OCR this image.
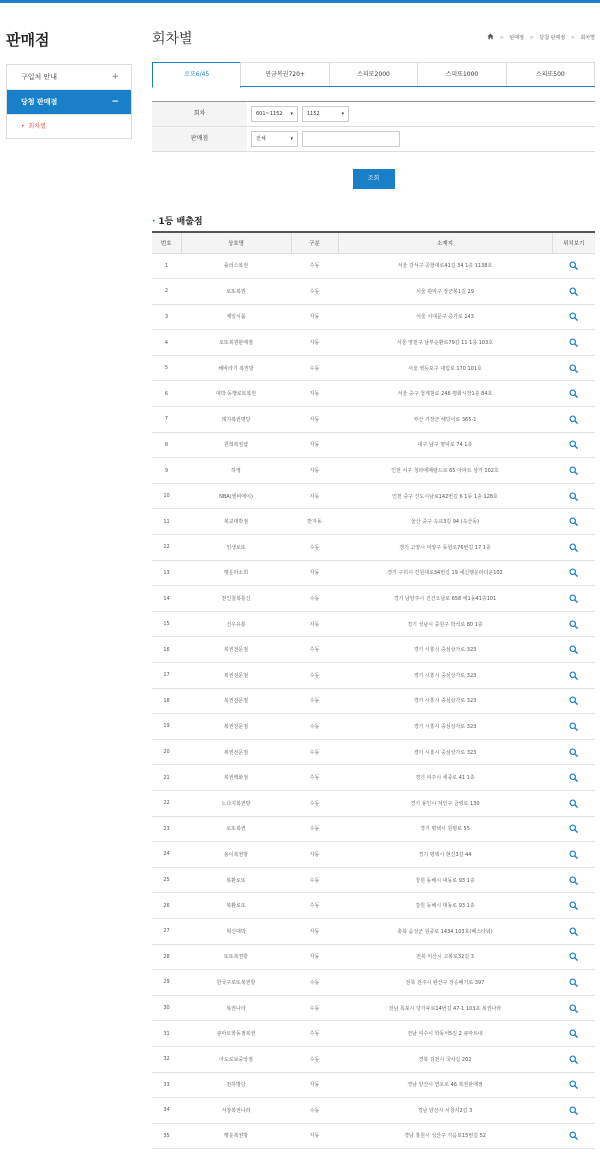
판매점
구입처 안내	+
당첨 판매점	−
• 회차별
회차별	> 판매점 > 당첨 판매점 > 회차별
로또6/45	연금복권720+	스피또2000	스피또1000	스피또500
회차	601~1152 ▾	1152	▾
판매점	전체	▾
조회
· 1등 배출점
번호	상호명	구분	소재지	위치보기
1	플러스복권	수동	서울 강서구 공항대로41길 34 1층 1138호	
2	로또복권	수동	서울 관악구 장군봉1길 29	
3	제일식품	자동	서울 서대문구 증가로 143	
4	로또복권판매점	자동	서울 영천구 남부순환로79길 11 1층 103호	
5	해바라기 복권방	수동	서울 영등포구 대림로 170 101호	
6	대박 동행로또복권	자동	서울 중구 청계천로 246 평화시장1층 84호	
7	돼지복권명당	자동	부산 기장군 해당이로 365-1	
8	원희복권샵	자동	대구 남구 명덕로 74 1층	
9	하영	자동	인천 서구 청라에메랄드로 65 아파트 상가 102호	
10	NBA(엔비에이)	자동	인천 중구 신도시남로142번길 6 1동 1층 128호	
11	복교대박점	반자동	울산 중구 옥교3길 94 (옥산동)	
12	인생로또	수동	경기 고양시 덕양구 동헌로76번길 17 1층	
13	행운라소희	자동	경기 구리시 건원대로34번길 19 세신행운라더운102	
14	천인철복통신	수동	경기 남양주시 진건오남로 658 에1동41층101	
15	건우유통	자동	경기 성남시 중원구 박석로 80 1층	
16	복권전문점	수동	경기 시흥시 중심상가로 323	
17	복권전문점	수동	경기 시흥시 중심상가로 323	
18	복권전문점	수동	경기 시흥시 중심상가로 323	
19	복권전문점	수동	경기 시흥시 중심상가로 323	
20	복권전문점	수동	경기 시흥시 중심상가로 323	
21	복권백화점	수동	경기 여주시 세종로 41 1층	
22	노다지복권방	수동	경기 용인시 처인구 금령로 130	
23	로또복권	수동	경기 평택시 원평로 55	
24	용이복권방	자동	경기 평택시 현신3길 44	
25	복환로또	수동	강원 동해시 대동로 93 1층	
26	복환로또	수동	강원 동해시 대동로 93 1층	
27	혁신대박	자동	충북 음성군 원중로 1434 103호(베스타워)	
28	또또복권방	자동	전북 익산시 고봉로32길 3	
29	한국구로또복권방	수동	전북 전주시 완산구 장승배기로 397	
30	복권나라	수동	전남 목포시 당가두로14번길 47-1 103호 복권나라	
31	큐마트학동점복권	수동	전남 여수시 학동서5길 2 큐마트내	
32	아도로보중앙점	수동	경북 김천시 국사길 202	
33	천하명당	자동	경남 양산시 연호로 46 복권판매점	
34	서창복권나라	수동	경남 양산시 서창서2길 3	
35	행운복권방	자동	경남 창원시 성산구 가음로15번길 52	
